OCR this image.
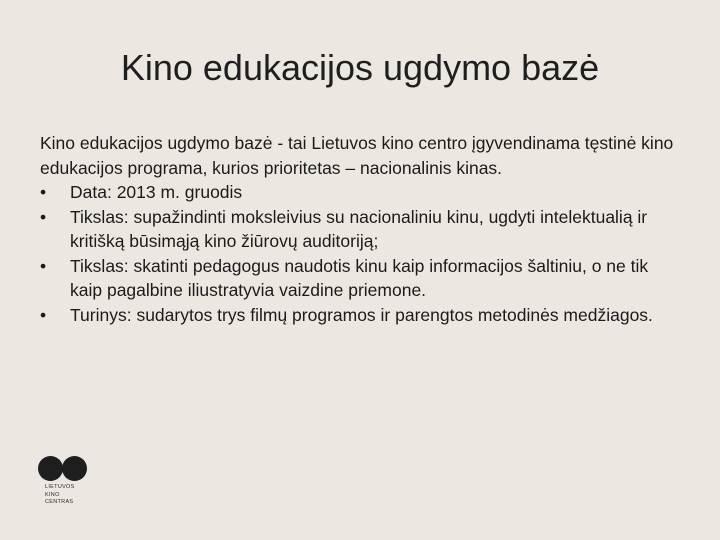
Kino edukacijos ugdymo bazė

Kino edukacijos ugdymo bazė - tai Lietuvos kino centro įgyvendinama tęstinė kino edukacijos programa, kurios prioritetas – nacionalinis kinas.

•	Data: 2013 m. gruodis
•	Tikslas: supažindinti moksleivius su nacionaliniu kinu, ugdyti intelektualią ir kritišką būsimąją kino žiūrovų auditoriją;
•	Tikslas: skatinti pedagogus naudotis kinu kaip informacijos šaltiniu, o ne tik kaip pagalbine iliustratyvia vaizdine priemone.
•	Turinys: sudarytos trys filmų programos ir parengtos metodinės medžiagos.
LIETUVOS
KINO
CENTRAS
